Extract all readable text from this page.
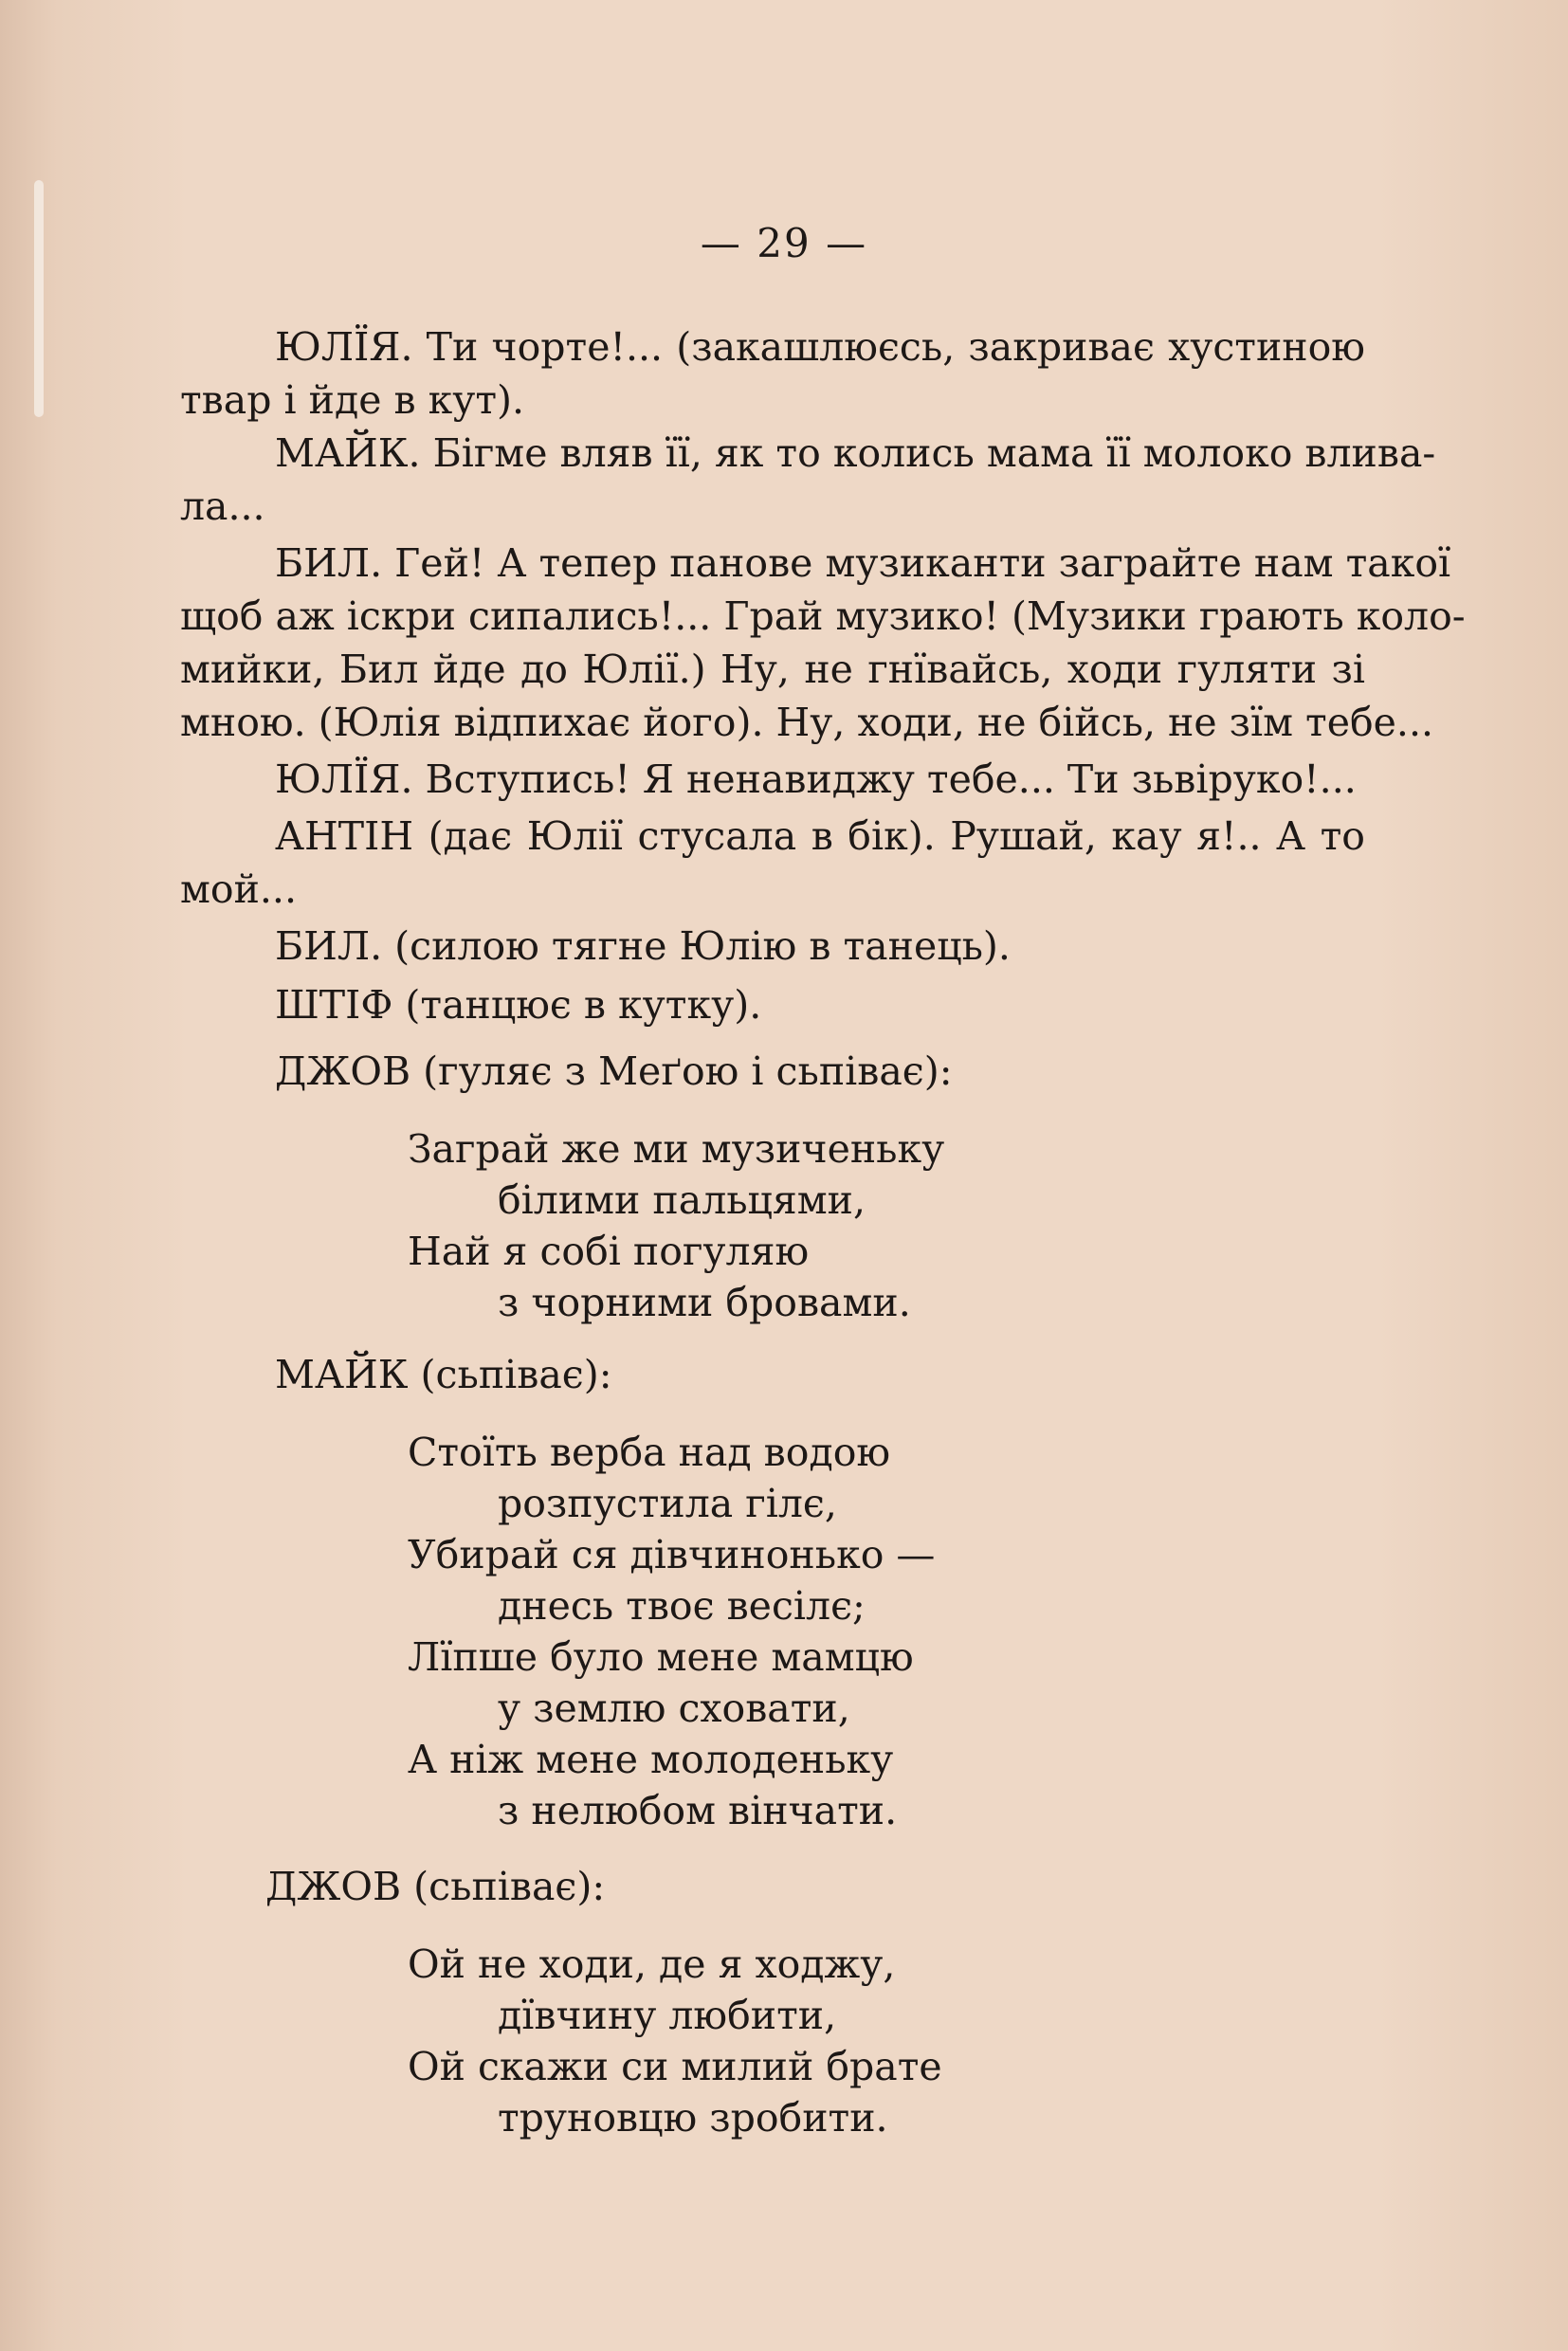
— 29 —
ЮЛЇЯ. Ти чорте!... (закашлюєсь, закриває хустиною
твар і йде в кут).
МАЙК. Бігме вляв її, як то колись мама її молоко влива-
ла...
БИЛ. Гей! А тепер панове музиканти загрaйте нам такої
щоб аж іскри сипались!... Грай музико! (Музики грають коло-
мийки, Бил йде до Юлії.) Ну, не гнївайсь, ходи гуляти зі
мною. (Юлія відпихає його). Ну, ходи, не бійсь, не зїм тебе...
ЮЛЇЯ. Вступись! Я ненавиджу тебе... Ти зьвіруко!...
АНТІН (дає Юлії стусала в бік). Рушай, кау я!.. А то
мой...
БИЛ. (силою тягне Юлію в танець).
ШТІФ (танцює в кутку).
ДЖОВ (гуляє з Меґою і сьпіває):
Заграй же ми музиченьку
білими пальцями,
Най я собі погуляю
з чорними бровами.
МАЙК (сьпіває):
Стоїть верба над водою
розпустила гілє,
Убирай ся дівчинонько —
днесь твоє весілє;
Лїпше було мене мамцю
у землю сховати,
А ніж мене молоденьку
з нелюбом вінчати.
ДЖОВ (сьпіває):
Ой не ходи, де я ходжу,
дївчину любити,
Ой скажи си милий брате
труновцю зробити.
